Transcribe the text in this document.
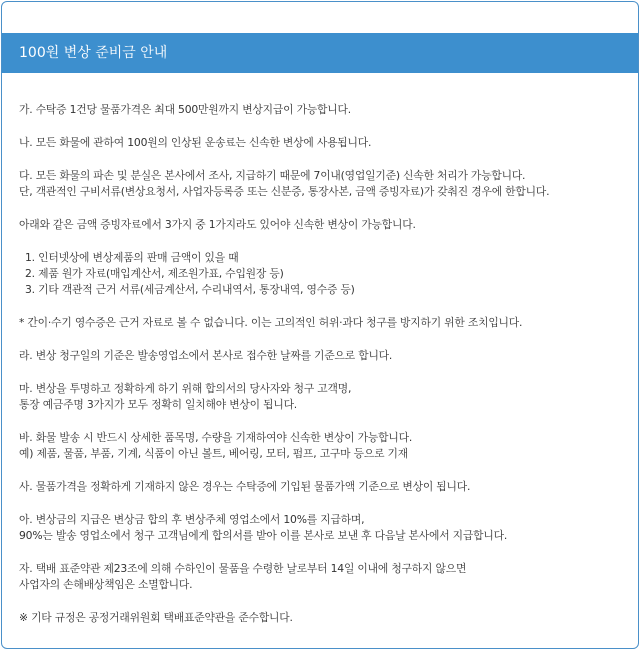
100원 변상 준비금 안내
가. 수탁증 1건당 물품가격은 최대 500만원까지 변상지급이 가능합니다.
나. 모든 화물에 관하여 100원의 인상된 운송료는 신속한 변상에 사용됩니다.
다. 모든 화물의 파손 및 분실은 본사에서 조사, 지급하기 때문에 7이내(영업일기준) 신속한 처리가 가능합니다.
단, 객관적인 구비서류(변상요청서, 사업자등록증 또는 신분증, 통장사본, 금액 증빙자료)가 갖춰진 경우에 한합니다.
아래와 같은 금액 증빙자료에서 3가지 중 1가지라도 있어야 신속한 변상이 가능합니다.
1. 인터넷상에 변상제품의 판매 금액이 있을 때
2. 제품 원가 자료(매입계산서, 제조원가표, 수입원장 등)
3. 기타 객관적 근거 서류(세금계산서, 수리내역서, 통장내역, 영수증 등)
* 간이·수기 영수증은 근거 자료로 볼 수 없습니다. 이는 고의적인 허위·과다 청구를 방지하기 위한 조치입니다.
라. 변상 청구일의 기준은 발송영업소에서 본사로 접수한 날짜를 기준으로 합니다.
마. 변상을 투명하고 정확하게 하기 위해 합의서의 당사자와 청구 고객명,
통장 예금주명 3가지가 모두 정확히 일치해야 변상이 됩니다.
바. 화물 발송 시 반드시 상세한 품목명, 수량을 기재하여야 신속한 변상이 가능합니다.
예) 제품, 물품, 부품, 기계, 식품이 아닌 볼트, 베어링, 모터, 펌프, 고구마 등으로 기재
사. 물품가격을 정확하게 기재하지 않은 경우는 수탁증에 기입된 물품가액 기준으로 변상이 됩니다.
아. 변상금의 지급은 변상금 합의 후 변상주체 영업소에서 10%를 지급하며,
90%는 발송 영업소에서 청구 고객님에게 합의서를 받아 이를 본사로 보낸 후 다음날 본사에서 지급합니다.
자. 택배 표준약관 제23조에 의해 수하인이 물품을 수령한 날로부터 14일 이내에 청구하지 않으면
사업자의 손해배상책임은 소멸합니다.
※ 기타 규정은 공정거래위원회 택배표준약관을 준수합니다.
